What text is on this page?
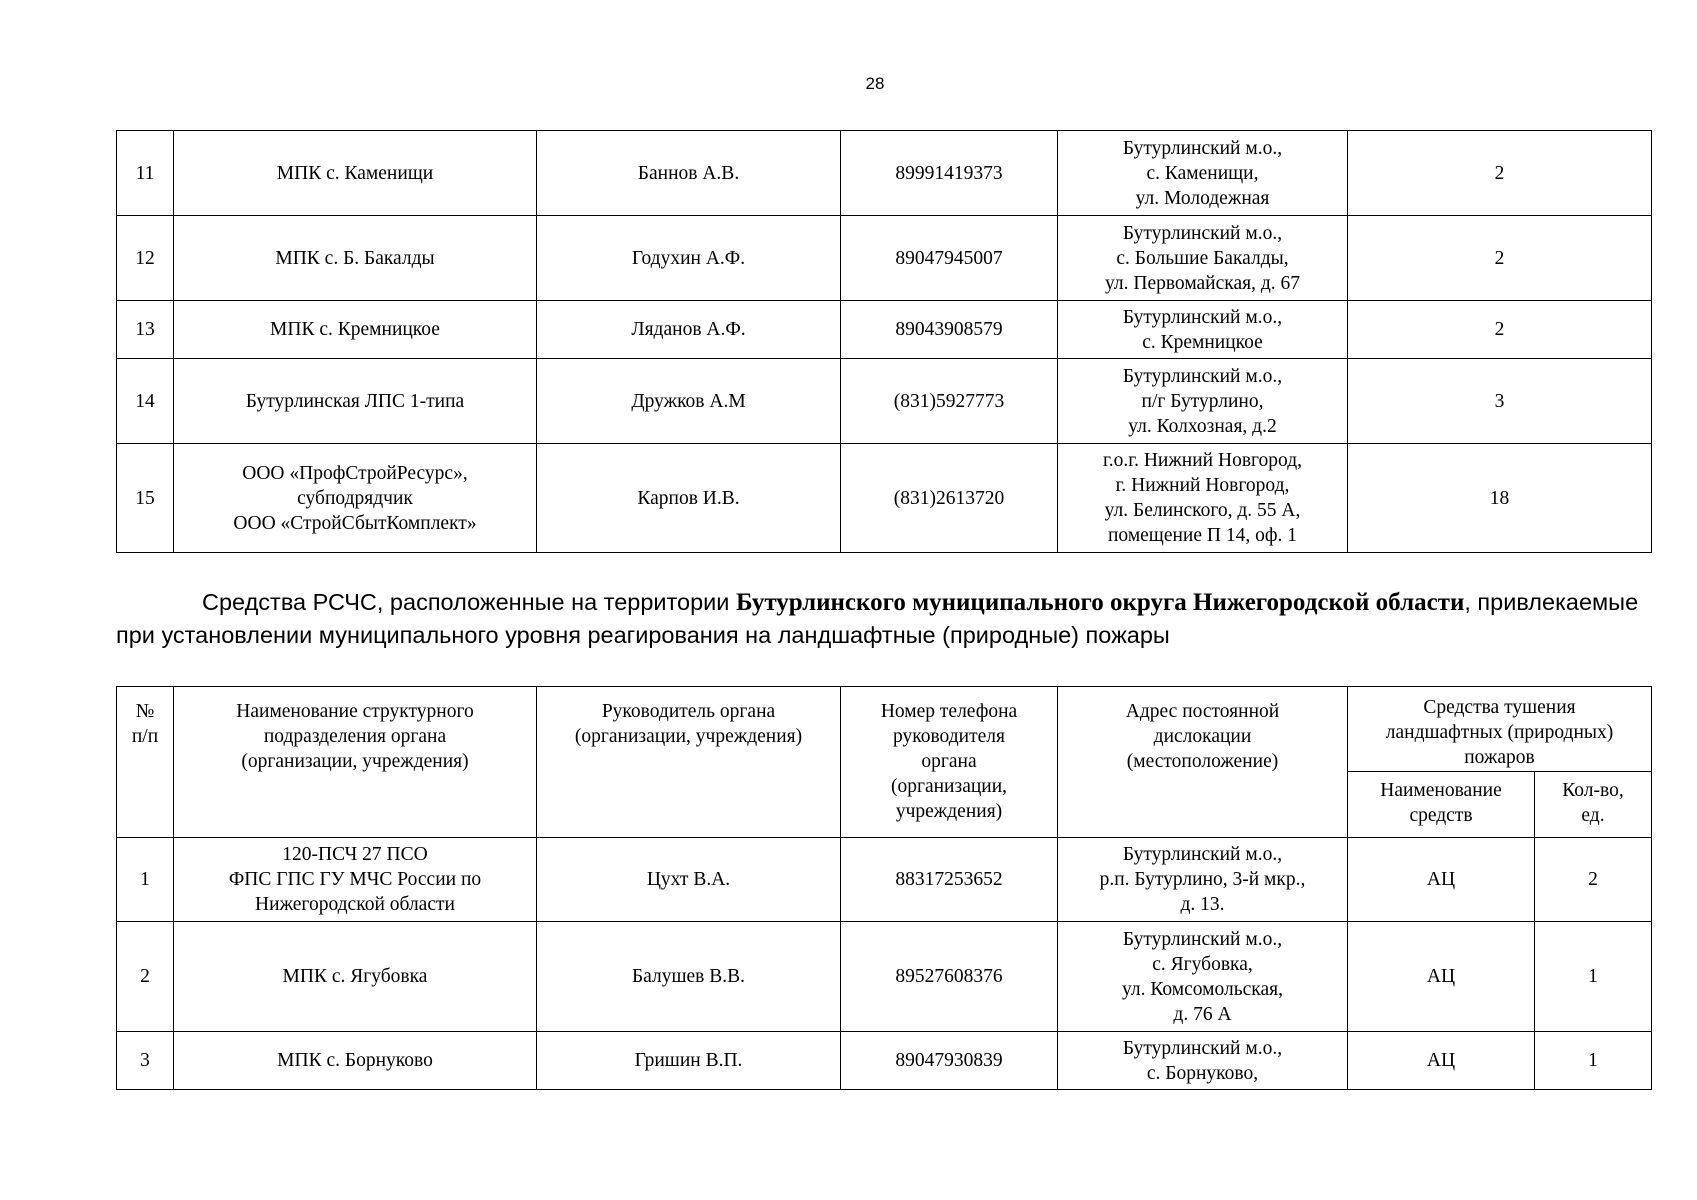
28
11	МПК с. Каменищи	Баннов А.В.	89991419373	Бутурлинский м.о.,
с. Каменищи,
ул. Молодежная	2
12	МПК с. Б. Бакалды	Годухин А.Ф.	89047945007	Бутурлинский м.о.,
с. Большие Бакалды,
ул. Первомайская, д. 67	2
13	МПК с. Кремницкое	Ляданов А.Ф.	89043908579	Бутурлинский м.о.,
с. Кремницкое	2
14	Бутурлинская ЛПС 1-типа	Дружков А.М	(831)5927773	Бутурлинский м.о.,
п/г Бутурлино,
ул. Колхозная, д.2	3
15	ООО «ПрофСтройРесурс»,
субподрядчик
ООО «СтройСбытКомплект»	Карпов И.В.	(831)2613720	г.о.г. Нижний Новгород,
г. Нижний Новгород,
ул. Белинского, д. 55 А,
помещение П 14, оф. 1	18
Средства РСЧС, расположенные на территории Бутурлинского муниципального округа Нижегородской области, привлекаемые при установлении муниципального уровня реагирования на ландшафтные (природные) пожары
№
п/п	Наименование структурного
подразделения органа
(организации, учреждения)	Руководитель органа
(организации, учреждения)	Номер телефона
руководителя
органа
(организации,
учреждения)	Адрес постоянной
дислокации
(местоположение)	Средства тушения
ландшафтных (природных)
пожаров	

					Наименование
средств	Кол-во,
ед.

1	120-ПСЧ 27 ПСО
ФПС ГПС ГУ МЧС России по
Нижегородской области	Цухт В.А.	88317253652	Бутурлинский м.о.,
р.п. Бутурлино, 3-й мкр.,
д. 13.	АЦ	2
2	МПК с. Ягубовка	Балушев В.В.	89527608376	Бутурлинский м.о.,
с. Ягубовка,
ул. Комсомольская,
д. 76 А	АЦ	1
3	МПК с. Борнуково	Гришин В.П.	89047930839	Бутурлинский м.о.,
с. Борнуково,	АЦ	1
